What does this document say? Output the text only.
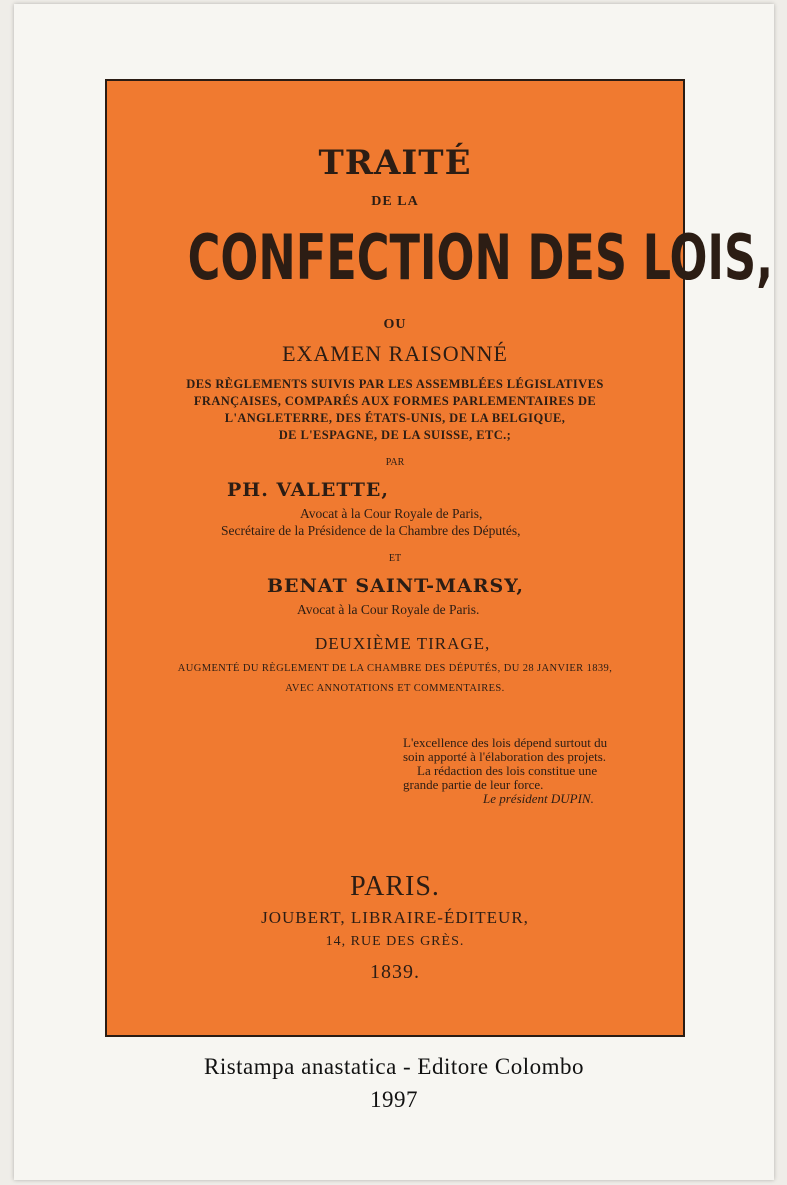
TRAITÉ
DE LA
CONFECTION DES LOIS,
OU
EXAMEN RAISONNÉ
DES RÈGLEMENTS SUIVIS PAR LES ASSEMBLÉES LÉGISLATIVES
FRANÇAISES, COMPARÉS AUX FORMES PARLEMENTAIRES DE
L'ANGLETERRE, DES ÉTATS-UNIS, DE LA BELGIQUE,
DE L'ESPAGNE, DE LA SUISSE, ETC.;
PAR
PH. VALETTE,
Avocat à la Cour Royale de Paris,
Secrétaire de la Présidence de la Chambre des Députés,
ET
BENAT SAINT-MARSY,
Avocat à la Cour Royale de Paris.
DEUXIÈME TIRAGE,
AUGMENTÉ DU RÈGLEMENT DE LA CHAMBRE DES DÉPUTÉS, DU 28 JANVIER 1839,
AVEC ANNOTATIONS ET COMMENTAIRES.
L'excellence des lois dépend surtout du
soin apporté à l'élaboration des projets.
La rédaction des lois constitue une
grande partie de leur force.
Le président DUPIN.
PARIS.
JOUBERT, LIBRAIRE-ÉDITEUR,
14, RUE DES GRÈS.
1839.
Ristampa anastatica - Editore Colombo
1997
